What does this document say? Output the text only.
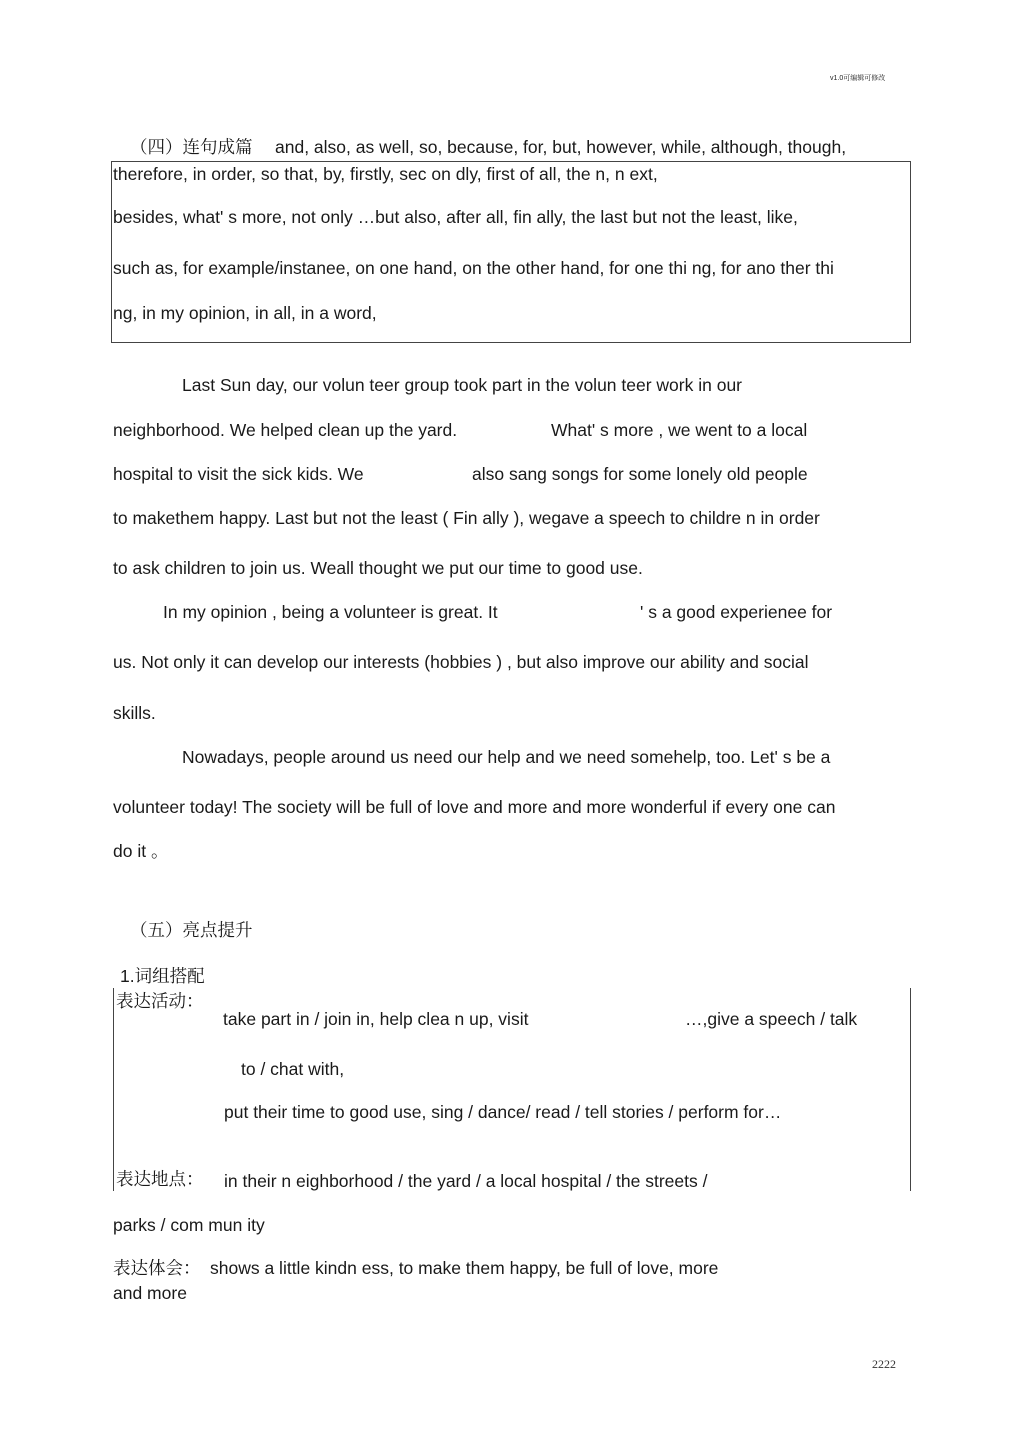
v1.0可编辑可修改
（四）连句成篇 and, also, as well, so, because, for, but, however, while, although, though,
therefore, in order, so that, by, firstly, sec on dly, first of all, the n, n ext,
besides, what' s more, not only …but also, after all, fin ally, the last but not the least, like,
such as, for example/instanee, on one hand, on the other hand, for one thi ng, for ano ther thi
ng, in my opinion, in all, in a word,
Last Sun day, our volun teer group took part in the volun teer work in our
neighborhood. We helped clean up the yard.	What' s more , we went to a local
hospital to visit the sick kids. We	also sang songs for some lonely old people
to makethem happy. Last but not the least ( Fin ally ), wegave a speech to childre n in order
to ask children to join us. Weall thought we put our time to good use.
In my opinion , being a volunteer is great. It	' s a good experienee for
us. Not only it can develop our interests (hobbies ) , but also improve our ability and social
skills.
Nowadays, people around us need our help and we need somehelp, too. Let' s be a
volunteer today! The society will be full of love and more and more wonderful if every one can
do it 。
（五）亮点提升
1.词组搭配
表达活动：
take part in / join in, help clea n up, visit	…,give a speech / talk
to / chat with,
put their time to good use, sing / dance/ read / tell stories / perform for…
表达地点： in their n eighborhood / the yard / a local hospital / the streets /
parks / com mun ity
表达体会： shows a little kindn ess, to make them happy, be full of love, more
and more
2222
